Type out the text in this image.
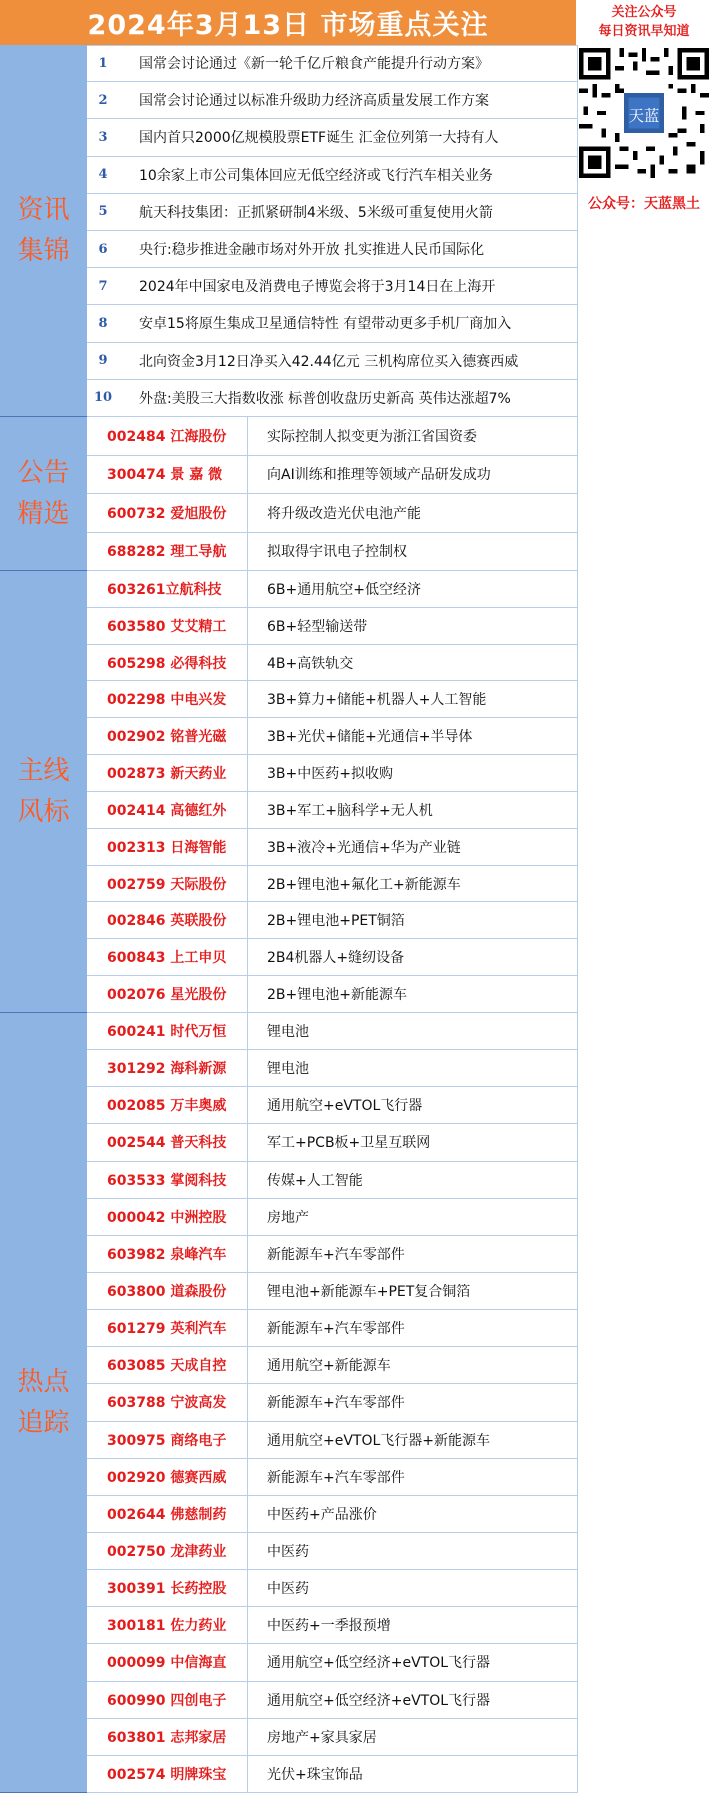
2024年3月13日 市场重点关注	关注公众号
每日资讯早知道
天蓝
公众号：天蓝黑土
资讯 集锦
公告 精选
主线 风标
热点 追踪
1	国常会讨论通过《新一轮千亿斤粮食产能提升行动方案》
2	国常会讨论通过以标准升级助力经济高质量发展工作方案
3	国内首只2000亿规模股票ETF诞生 汇金位列第一大持有人
4	10余家上市公司集体回应无低空经济或飞行汽车相关业务
5	航天科技集团：正抓紧研制4米级、5米级可重复使用火箭
6	央行:稳步推进金融市场对外开放 扎实推进人民币国际化
7	2024年中国家电及消费电子博览会将于3月14日在上海开
8	安卓15将原生集成卫星通信特性 有望带动更多手机厂商加入
9	北向资金3月12日净买入42.44亿元 三机构席位买入德赛西威
10	外盘:美股三大指数收涨 标普创收盘历史新高 英伟达涨超7%
002484 江海股份	实际控制人拟变更为浙江省国资委
300474 景 嘉 微	向AI训练和推理等领域产品研发成功
600732 爱旭股份	将升级改造光伏电池产能
688282 理工导航	拟取得宇讯电子控制权
603261立航科技	6B+通用航空+低空经济
603580 艾艾精工	6B+轻型输送带
605298 必得科技	4B+高铁轨交
002298 中电兴发	3B+算力+储能+机器人+人工智能
002902 铭普光磁	3B+光伏+储能+光通信+半导体
002873 新天药业	3B+中医药+拟收购
002414 高德红外	3B+军工+脑科学+无人机
002313 日海智能	3B+液冷+光通信+华为产业链
002759 天际股份	2B+锂电池+氟化工+新能源车
002846 英联股份	2B+锂电池+PET铜箔
600843 上工申贝	2B4机器人+缝纫设备
002076 星光股份	2B+锂电池+新能源车
600241 时代万恒	锂电池
301292 海科新源	锂电池
002085 万丰奥威	通用航空+eVTOL飞行器
002544 普天科技	军工+PCB板+卫星互联网
603533 掌阅科技	传媒+人工智能
000042 中洲控股	房地产
603982 泉峰汽车	新能源车+汽车零部件
603800 道森股份	锂电池+新能源车+PET复合铜箔
601279 英利汽车	新能源车+汽车零部件
603085 天成自控	通用航空+新能源车
603788 宁波高发	新能源车+汽车零部件
300975 商络电子	通用航空+eVTOL飞行器+新能源车
002920 德赛西威	新能源车+汽车零部件
002644 佛慈制药	中医药+产品涨价
002750 龙津药业	中医药
300391 长药控股	中医药
300181 佐力药业	中医药+一季报预增
000099 中信海直	通用航空+低空经济+eVTOL飞行器
600990 四创电子	通用航空+低空经济+eVTOL飞行器
603801 志邦家居	房地产+家具家居
002574 明牌珠宝	光伏+珠宝饰品
